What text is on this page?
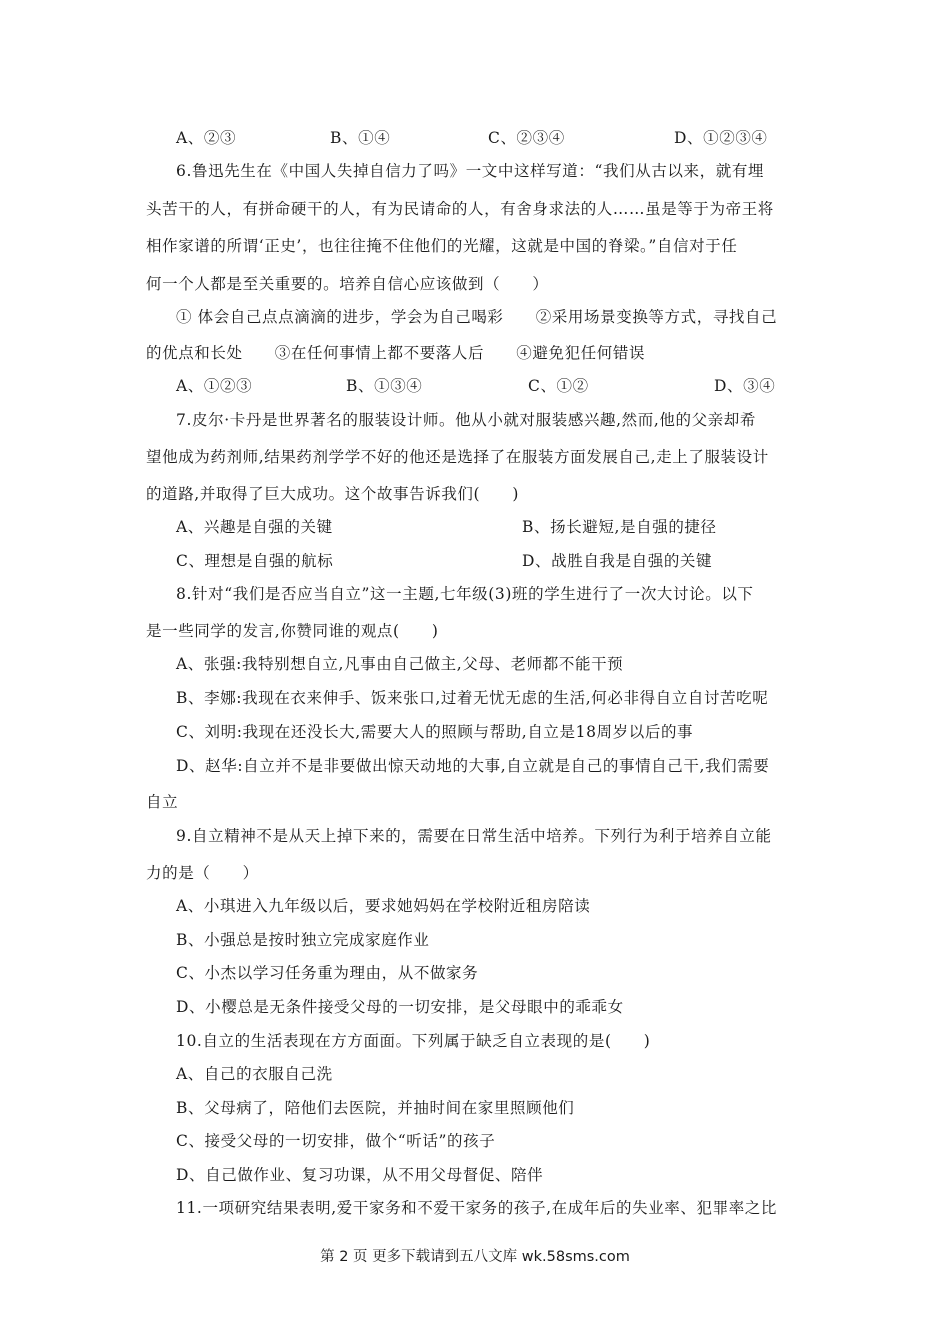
A、②③	B、①④	C、②③④	D、①②③④
6.鲁迅先生在《中国人失掉自信力了吗》一文中这样写道：“我们从古以来，就有埋
头苦干的人，有拼命硬干的人，有为民请命的人，有舍身求法的人……虽是等于为帝王将
相作家谱的所谓‘正史’，也往往掩不住他们的光耀，这就是中国的脊梁。”自信对于任
何一个人都是至关重要的。培养自信心应该做到（　　）
① 体会自己点点滴滴的进步，学会为自己喝彩　　②采用场景变换等方式，寻找自己
的优点和长处　　③在任何事情上都不要落人后　　④避免犯任何错误
A、①②③	B、①③④	C、①②	D、③④
7.皮尔·卡丹是世界著名的服装设计师。他从小就对服装感兴趣,然而,他的父亲却希
望他成为药剂师,结果药剂学学不好的他还是选择了在服装方面发展自己,走上了服装设计
的道路,并取得了巨大成功。这个故事告诉我们(　　)
A、兴趣是自强的关键	B、扬长避短,是自强的捷径
C、理想是自强的航标	D、战胜自我是自强的关键
8.针对“我们是否应当自立”这一主题,七年级(3)班的学生进行了一次大讨论。以下
是一些同学的发言,你赞同谁的观点(　　)
A、张强:我特别想自立,凡事由自己做主,父母、老师都不能干预
B、李娜:我现在衣来伸手、饭来张口,过着无忧无虑的生活,何必非得自立自讨苦吃呢
C、刘明:我现在还没长大,需要大人的照顾与帮助,自立是18周岁以后的事
D、赵华:自立并不是非要做出惊天动地的大事,自立就是自己的事情自己干,我们需要
自立
9.自立精神不是从天上掉下来的，需要在日常生活中培养。下列行为利于培养自立能
力的是（　　）
A、小琪进入九年级以后，要求她妈妈在学校附近租房陪读
B、小强总是按时独立完成家庭作业
C、小杰以学习任务重为理由，从不做家务
D、小樱总是无条件接受父母的一切安排，是父母眼中的乖乖女
10.自立的生活表现在方方面面。下列属于缺乏自立表现的是(　　)
A、自己的衣服自己洗
B、父母病了，陪他们去医院，并抽时间在家里照顾他们
C、接受父母的一切安排，做个“听话”的孩子
D、自己做作业、复习功课，从不用父母督促、陪伴
11.一项研究结果表明,爱干家务和不爱干家务的孩子,在成年后的失业率、犯罪率之比
第 2 页 更多下载请到五八文库 wk.58sms.com
